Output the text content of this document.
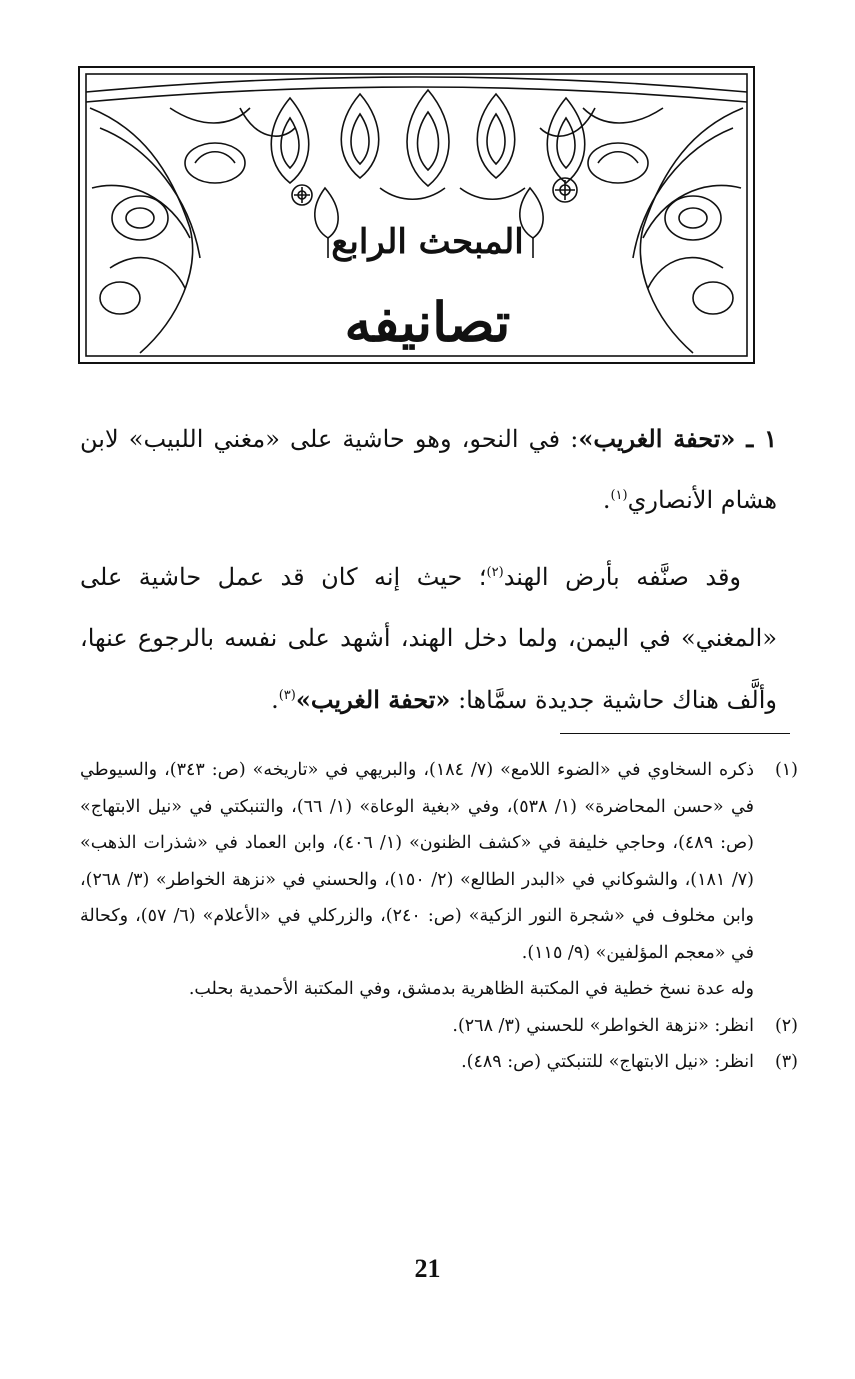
المبحث الرابع
تصانيفه

١ ـ «تحفة الغريب»: في النحو، وهو حاشية على «مغني اللبيب» لابن هشام الأنصاري$^{(١)}$.

وقد صنَّفه بأرض الهند$^{(٢)}$؛ حيث إنه كان قد عمل حاشية على «المغني» في اليمن، ولما دخل الهند، أشهد على نفسه بالرجوع عنها، وألَّف هناك حاشية جديدة سمَّاها: «تحفة الغريب»$^{(٣)}$.

(١)
ذكره السخاوي في «الضوء اللامع» (٧/ ١٨٤)، والبريهي في «تاريخه» (ص: ٣٤٣)، والسيوطي في «حسن المحاضرة» (١/ ٥٣٨)، وفي «بغية الوعاة» (١/ ٦٦)، والتنبكتي في «نيل الابتهاج» (ص: ٤٨٩)، وحاجي خليفة في «كشف الظنون» (١/ ٤٠٦)، وابن العماد في «شذرات الذهب» (٧/ ١٨١)، والشوكاني في «البدر الطالع» (٢/ ١٥٠)، والحسني في «نزهة الخواطر» (٣/ ٢٦٨)، وابن مخلوف في «شجرة النور الزكية» (ص: ٢٤٠)، والزركلي في «الأعلام» (٦/ ٥٧)، وكحالة في «معجم المؤلفين» (٩/ ١١٥).
وله عدة نسخ خطية في المكتبة الظاهرية بدمشق، وفي المكتبة الأحمدية بحلب.
(٢)
انظر: «نزهة الخواطر» للحسني (٣/ ٢٦٨).
(٣)
انظر: «نيل الابتهاج» للتنبكتي (ص: ٤٨٩).
21
